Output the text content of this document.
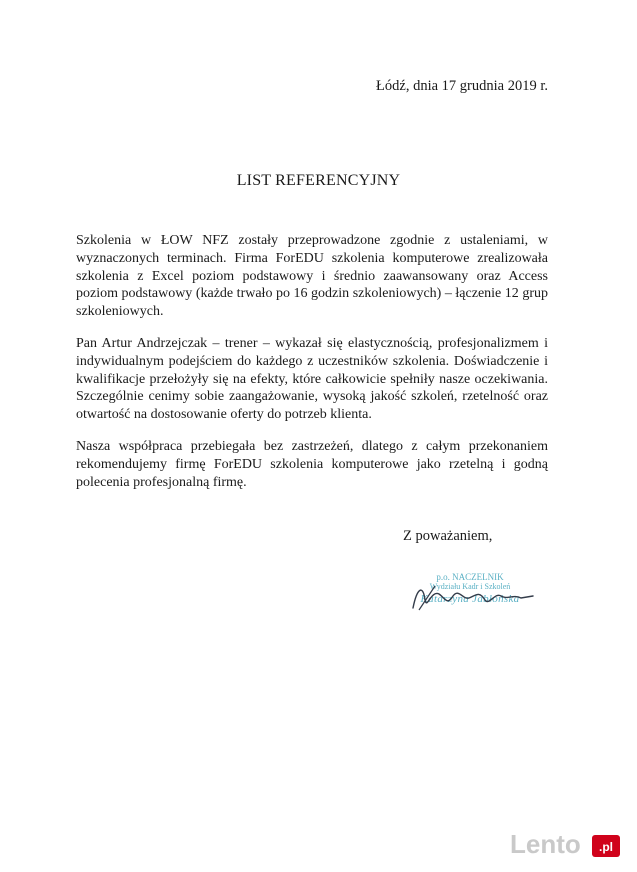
Łódź, dnia 17 grudnia 2019 r.
LIST REFERENCYJNY

Szkolenia w ŁOW NFZ zostały przeprowadzone zgodnie z ustaleniami, w wyznaczonych terminach. Firma ForEDU szkolenia komputerowe zrealizowała szkolenia z Excel poziom podstawowy i średnio zaawansowany oraz Access poziom podstawowy (każde trwało po 16 godzin szkoleniowych) – łączenie 12 grup szkoleniowych.

Pan Artur Andrzejczak – trener – wykazał się elastycznością, profesjonalizmem i indywidualnym podejściem do każdego z uczestników szkolenia. Doświadczenie i kwalifikacje przełożyły się na efekty, które całkowicie spełniły nasze oczekiwania. Szczególnie cenimy sobie zaangażowanie, wysoką jakość szkoleń, rzetelność oraz otwartość na dostosowanie oferty do potrzeb klienta.

Nasza współpraca przebiegała bez zastrzeżeń, dlatego z całym przekonaniem rekomendujemy firmę ForEDU szkolenia komputerowe jako rzetelną i godną polecenia profesjonalną firmę.

Z poważaniem,
p.o. NACZELNIK
Wydziału Kadr i Szkoleń
Katarzyna Jabłońska
Lento .pl
